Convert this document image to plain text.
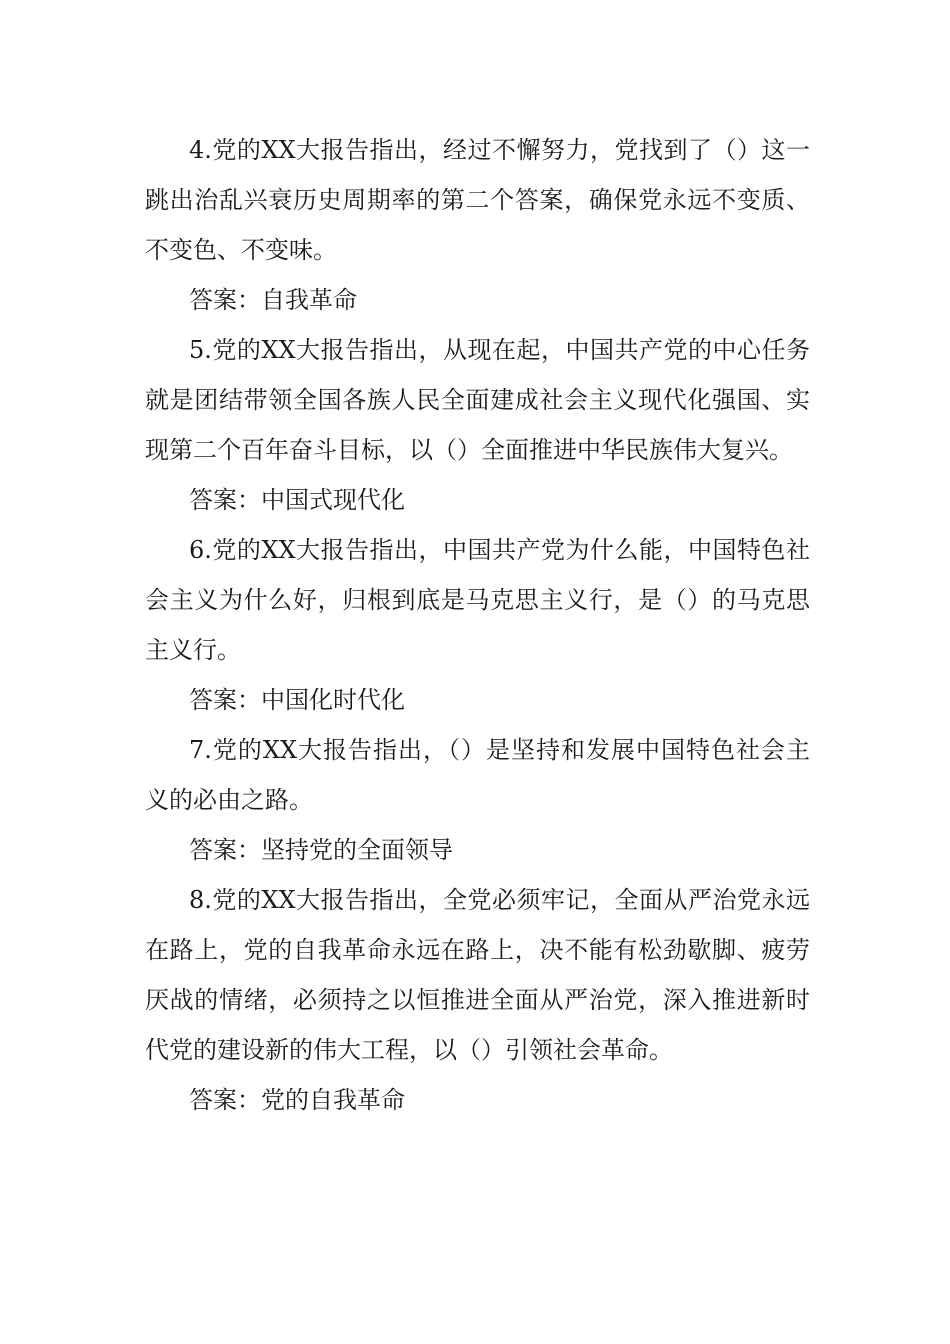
4.党的XX大报告指出，经过不懈努力，党找到了（）这一跳出治乱兴衰历史周期率的第二个答案，确保党永远不变质、不变色、不变味。

答案：自我革命

5.党的XX大报告指出，从现在起，中国共产党的中心任务就是团结带领全国各族人民全面建成社会主义现代化强国、实现第二个百年奋斗目标，以（）全面推进中华民族伟大复兴。

答案：中国式现代化

6.党的XX大报告指出，中国共产党为什么能，中国特色社会主义为什么好，归根到底是马克思主义行，是（）的马克思主义行。

答案：中国化时代化

7.党的XX大报告指出，（）是坚持和发展中国特色社会主义的必由之路。

答案：坚持党的全面领导

8.党的XX大报告指出，全党必须牢记，全面从严治党永远在路上，党的自我革命永远在路上，决不能有松劲歇脚、疲劳厌战的情绪，必须持之以恒推进全面从严治党，深入推进新时代党的建设新的伟大工程，以（）引领社会革命。

答案：党的自我革命
